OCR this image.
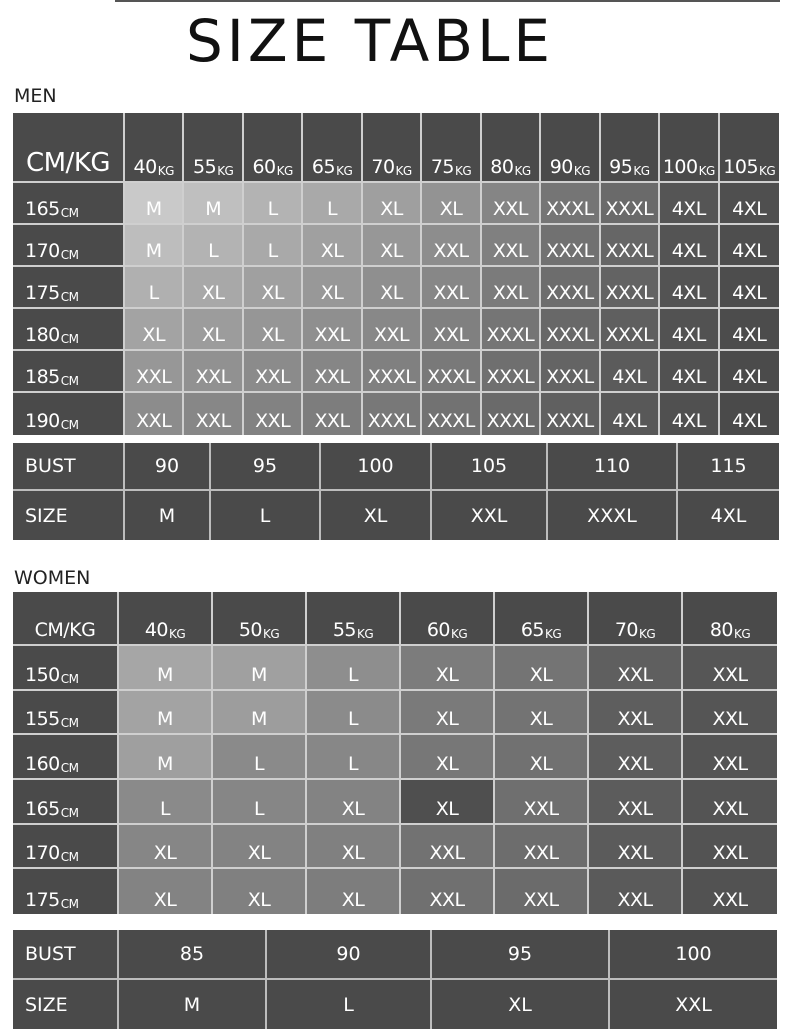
SIZE TABLE
MEN
CM/KG	40 KG 55 KG 60 KG 65 KG 70 KG 75 KG 80 KG 90 KG 95 KG 100 KG 105 KG
165 CM	M	M	L	L	XL	XL	XXL XXXL XXXL 4XL	4XL
170 CM	M	L	L	XL	XL	XXL	XXL XXXL XXXL 4XL	4XL
175 CM	L	XL	XL	XL	XL	XXL	XXL XXXL XXXL 4XL	4XL
180 CM	XL	XL	XL	XXL	XXL	XXL XXXL XXXL XXXL 4XL	4XL
185 CM	XXL	XXL	XXL	XXL XXXL XXXL XXXL XXXL 4XL	4XL	4XL
190 CM	XXL	XXL	XXL	XXL XXXL XXXL XXXL XXXL 4XL	4XL	4XL
BUST	90	95	100	105	110	115
SIZE	M	L	XL	XXL	XXXL	4XL
WOMEN
CM/KG	40 KG	50 KG	55 KG	60 KG	65 KG	70 KG	80 KG
150 CM	M	M	L	XL	XL	XXL	XXL
155 CM	M	M	L	XL	XL	XXL	XXL
160 CM	M	L	L	XL	XL	XXL	XXL
165 CM	L	L	XL	XL	XXL	XXL	XXL
170 CM	XL	XL	XL	XXL	XXL	XXL	XXL
175 CM	XL	XL	XL	XXL	XXL	XXL	XXL
BUST	85	90	95	100
SIZE	M	L	XL	XXL
